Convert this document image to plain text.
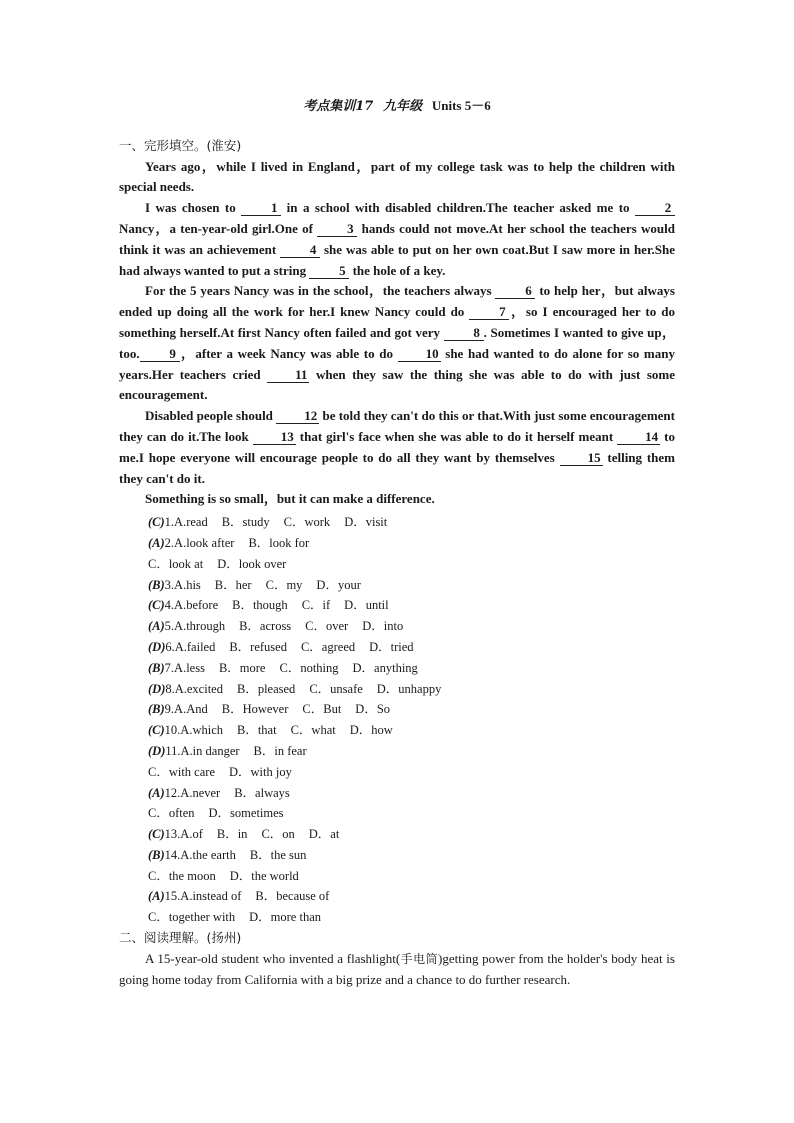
考点集训17 九年级 Units 5－6

一、完形填空。(淮安)

Years ago，while I lived in England，part of my college task was to help the children with special needs.

I was chosen to 1 in a school with disabled children.The teacher asked me to 2 Nancy，a ten-year-old girl.One of 3 hands could not move.At her school the teachers would think it was an achievement 4 she was able to put on her own coat.But I saw more in her.She had always wanted to put a string 5 the hole of a key.

For the 5 years Nancy was in the school，the teachers always 6 to help her，but always ended up doing all the work for her.I knew Nancy could do 7 ，so I encouraged her to do something herself.At first Nancy often failed and got very 8 . Sometimes I wanted to give up，too. 9 ，after a week Nancy was able to do 10 she had wanted to do alone for so many years.Her teachers cried 11 when they saw the thing she was able to do with just some encouragement.

Disabled people should 12 be told they can't do this or that.With just some encouragement they can do it.The look 13 that girl's face when she was able to do it herself meant 14 to me.I hope everyone will encourage people to do all they want by themselves 15 telling them they can't do it.

Something is so small，but it can make a difference.

(C)1.A.read B．study C．work D．visit
(A)2.A.look after B．look for
C．look at D．look over
(B)3.A.his B．her C．my D．your
(C)4.A.before B．though C．if D．until
(A)5.A.through B．across C．over D．into
(D)6.A.failed B．refused C．agreed D．tried
(B)7.A.less B．more C．nothing D．anything
(D)8.A.excited B．pleased C．unsafe D．unhappy
(B)9.A.And B．However C．But D．So
(C)10.A.which B．that C．what D．how
(D)11.A.in danger B．in fear
C．with care D．with joy
(A)12.A.never B．always
C．often D．sometimes
(C)13.A.of B．in C．on D．at
(B)14.A.the earth B．the sun
C．the moon D．the world
(A)15.A.instead of B．because of
C．together with D．more than

二、阅读理解。(扬州)

A 15-year-old student who invented a flashlight(手电筒)getting power from the holder's body heat is going home today from California with a big prize and a chance to do further research.
